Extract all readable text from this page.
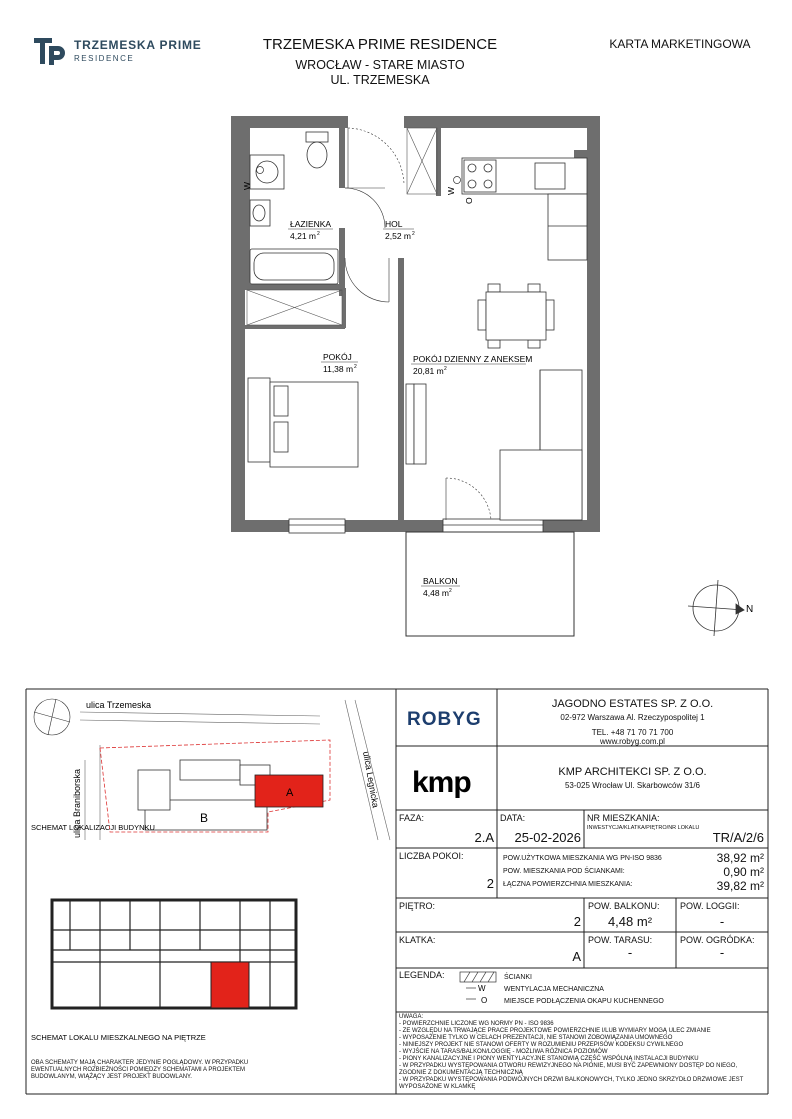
TRZEMESKA PRIME
RESIDENCE
TRZEMESKA PRIME RESIDENCE
WROCŁAW - STARE MIASTO
UL. TRZEMESKA
KARTA MARKETINGOWA
W
W
O
ŁAZIENKA
4,21 m 2
HOL
2,52 m 2
POKÓJ
11,38 m 2
POKÓJ DZIENNY Z ANEKSEM
20,81 m 2
BALKON
4,48 m 2
N
ulica Trzemeska
ulica Braniborska	ulica Legnicka
A
B
SCHEMAT LOKALIZACJI BUDYNKU
SCHEMAT LOKALU MIESZKALNEGO NA PIĘTRZE
ROBYG
kmp
W
O
OBA SCHEMATY MAJĄ CHARAKTER JEDYNIE POGLĄDOWY. W PRZYPADKU EWENTUALNYCH ROZBIEŻNOŚCI POMIĘDZY SCHEMATAMI A PROJEKTEM BUDOWLANYM, WIĄŻĄCY JEST PROJEKT BUDOWLANY.
JAGODNO ESTATES SP. Z O.O.
02-972 Warszawa Al. Rzeczypospolitej 1
TEL. +48 71 70 71 700
www.robyg.com.pl
KMP ARCHITEKCI SP. Z O.O.
53-025 Wrocław Ul. Skarbowców 31/6
FAZA:
2.A
DATA:
25-02-2026
NR MIESZKANIA:
INWESTYCJA/KLATKA/PIĘTRO/NR LOKALU
TR/A/2/6
LICZBA POKOI:
2
POW.UŻYTKOWA MIESZKANIA WG PN-ISO 9836
POW. MIESZKANIA POD ŚCIANKAMI:
ŁĄCZNA POWIERZCHNIA MIESZKANIA:
38,92 m²
0,90 m²
39,82 m²
PIĘTRO:
2
POW. BALKONU:
4,48 m²
POW. LOGGII:
-
KLATKA:
A
POW. TARASU:
-
POW. OGRÓDKA:
-
LEGENDA:	ŚCIANKI
WENTYLACJA MECHANICZNA
MIEJSCE PODŁĄCZENIA OKAPU KUCHENNEGO
UWAGA:
- POWIERZCHNIE LICZONE WG NORMY PN - ISO 9836
- ZE WZGLĘDU NA TRWAJĄCE PRACE PROJEKTOWE POWIERZCHNIE I/LUB WYMIARY MOGĄ ULEC ZMIANIE
- WYPOSAŻENIE TYLKO W CELACH PREZENTACJI, NIE STANOWI ZOBOWIĄZANIA UMOWNEGO
- NINIEJSZY PROJEKT NIE STANOWI OFERTY W ROZUMIENIU PRZEPISÓW KODEKSU CYWILNEGO
- WYJŚCIE NA TARAS/BALKON/LOGGIĘ - MOŻLIWA RÓŻNICA POZIOMÓW
- PIONY KANALIZACYJNE I PIONY WENTYLACYJNE STANOWIĄ CZĘŚĆ WSPÓLNĄ INSTALACJI BUDYNKU
- W PRZYPADKU WYSTĘPOWANIA OTWORU REWIZYJNEGO NA PIONIE, MUSI BYĆ ZAPEWNIONY DOSTĘP DO NIEGO, ZGODNIE Z DOKUMENTACJĄ TECHNICZNĄ
- W PRZYPADKU WYSTĘPOWANIA PODWÓJNYCH DRZWI BALKONOWYCH, TYLKO JEDNO SKRZYDŁO DRZWIOWE JEST WYPOSAŻONE W KLAMKĘ
